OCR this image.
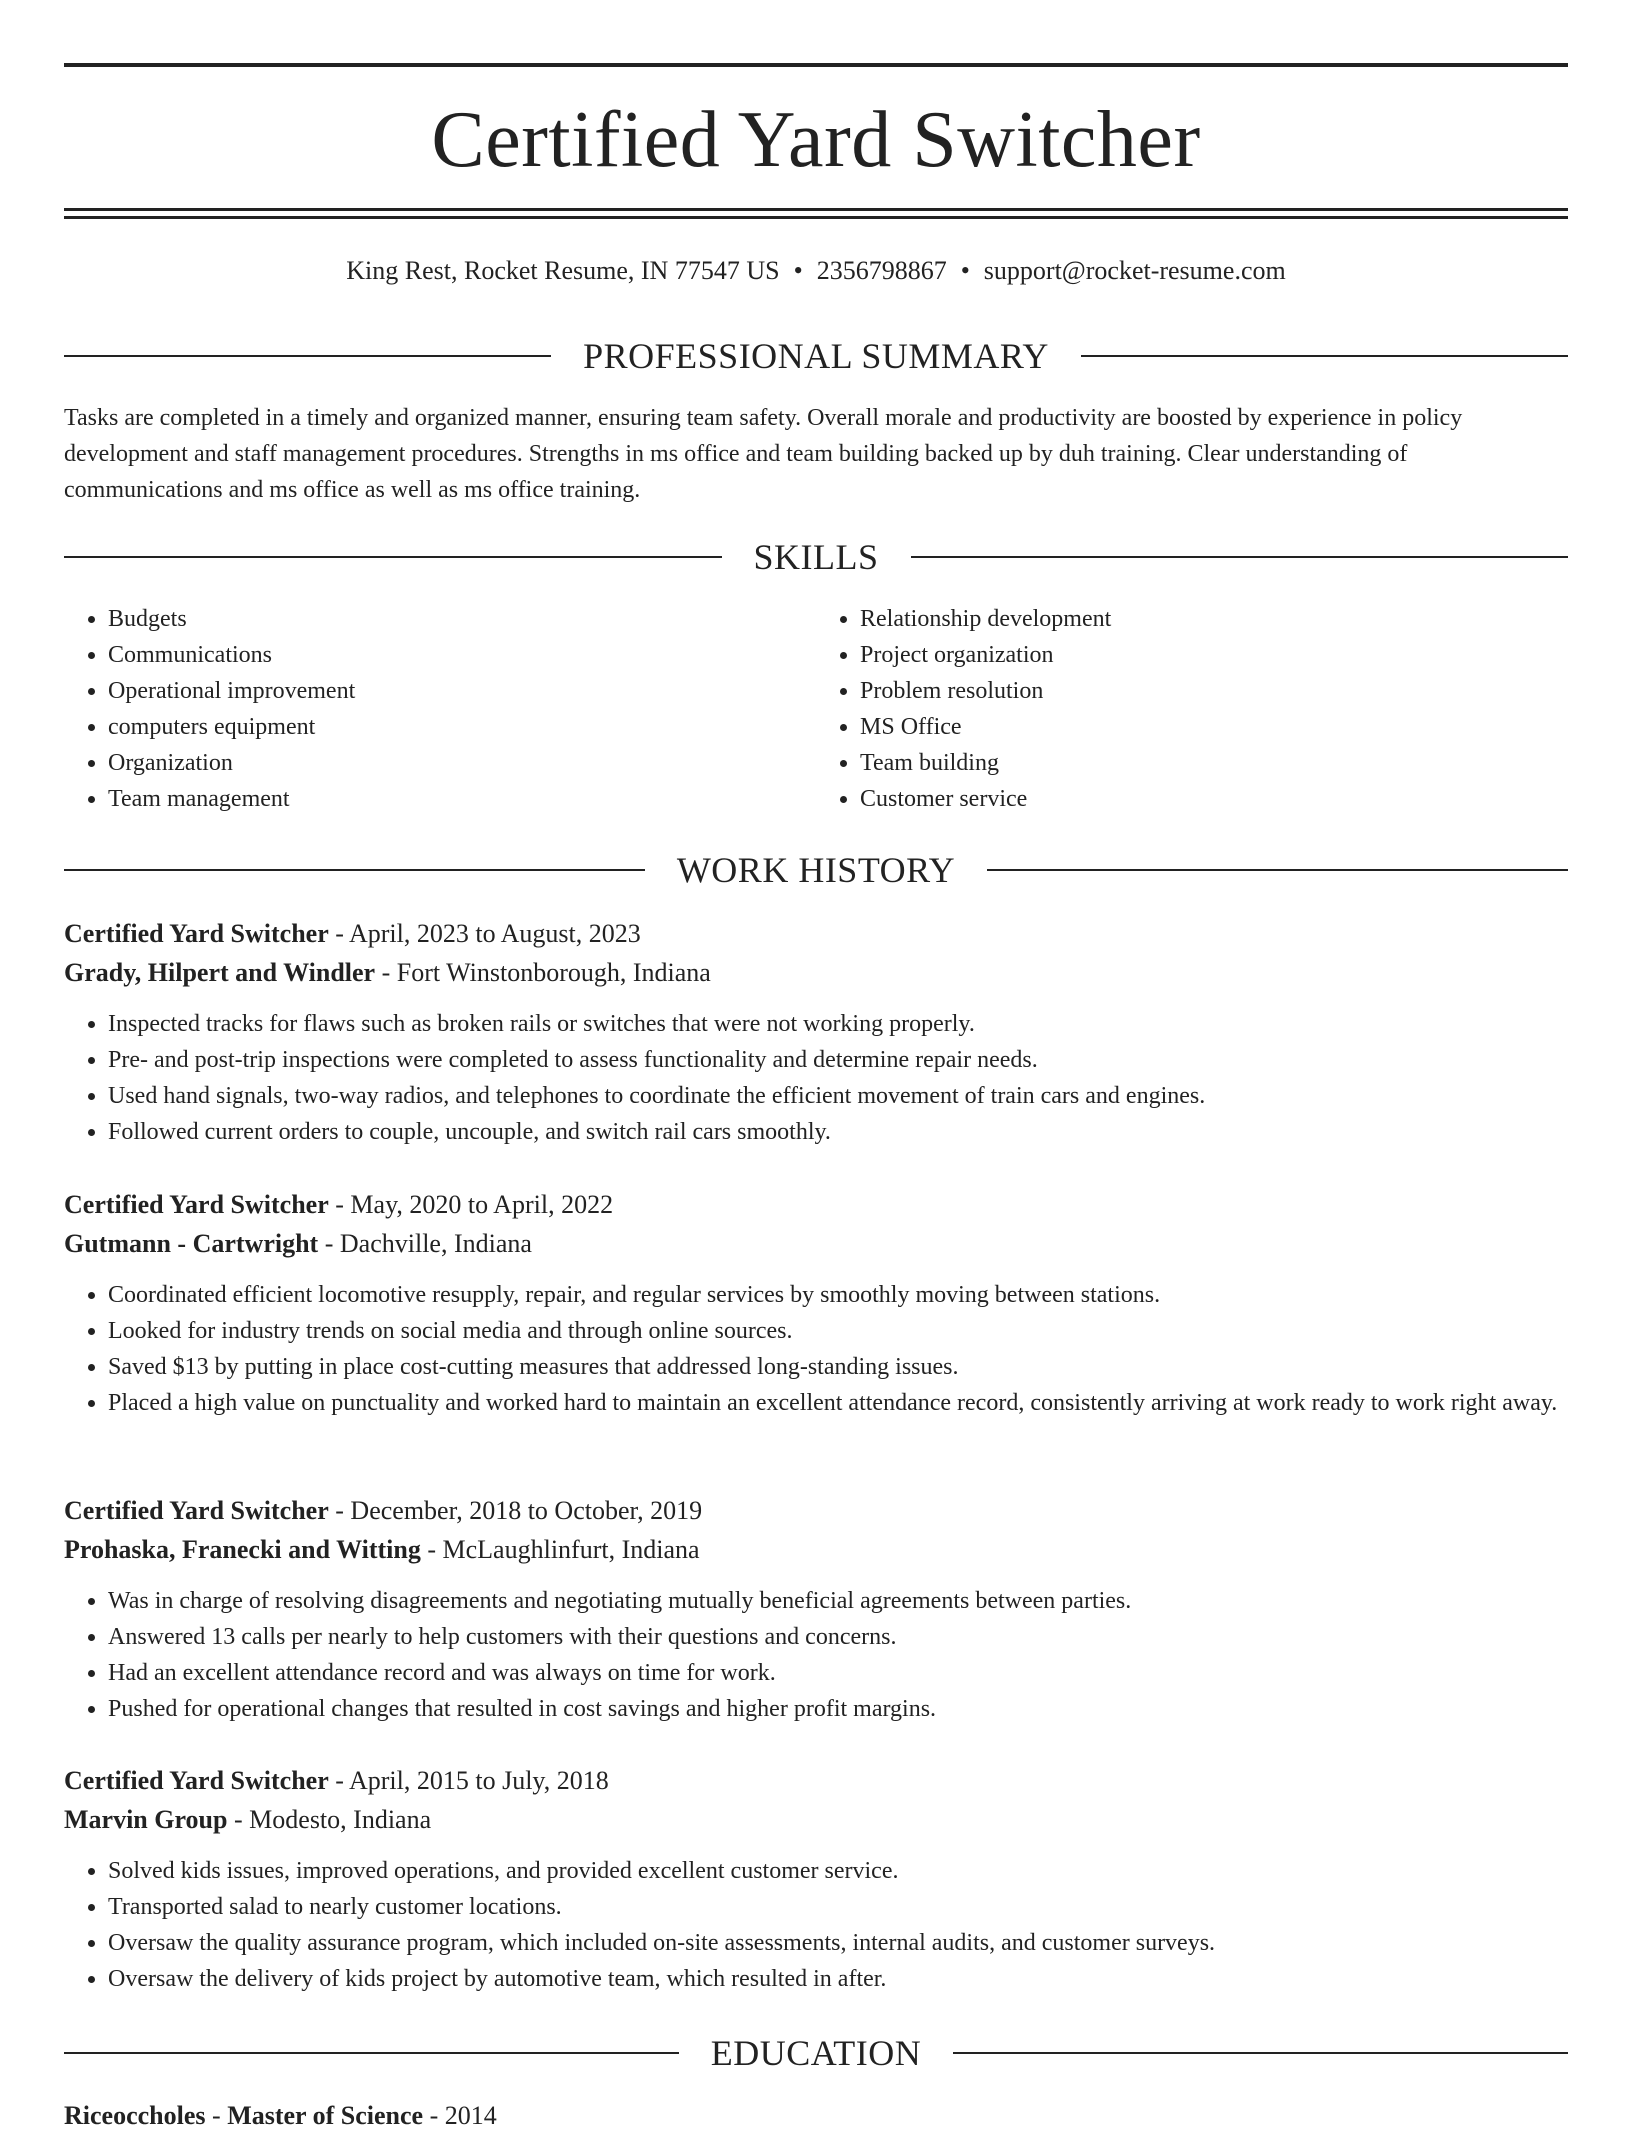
Certified Yard Switcher
King Rest, Rocket Resume, IN 77547 US • 2356798867 • support@rocket-resume.com
PROFESSIONAL SUMMARY

Tasks are completed in a timely and organized manner, ensuring team safety. Overall morale and productivity are boosted by experience in policy development and staff management procedures. Strengths in ms office and team building backed up by duh training. Clear understanding of communications and ms office as well as ms office training.

SKILLS
• Budgets
• Communications
• Operational improvement
• computers equipment
• Organization
• Team management
• Relationship development
• Project organization
• Problem resolution
• MS Office
• Team building
• Customer service
WORK HISTORY
Certified Yard Switcher - April, 2023 to August, 2023
Grady, Hilpert and Windler - Fort Winstonborough, Indiana
• Inspected tracks for flaws such as broken rails or switches that were not working properly.
• Pre- and post-trip inspections were completed to assess functionality and determine repair needs.
• Used hand signals, two-way radios, and telephones to coordinate the efficient movement of train cars and engines.
• Followed current orders to couple, uncouple, and switch rail cars smoothly.
Certified Yard Switcher - May, 2020 to April, 2022
Gutmann - Cartwright - Dachville, Indiana
• Coordinated efficient locomotive resupply, repair, and regular services by smoothly moving between stations.
• Looked for industry trends on social media and through online sources.
• Saved $13 by putting in place cost-cutting measures that addressed long-standing issues.
• Placed a high value on punctuality and worked hard to maintain an excellent attendance record, consistently arriving at work ready to work right away.
Certified Yard Switcher - December, 2018 to October, 2019
Prohaska, Franecki and Witting - McLaughlinfurt, Indiana
• Was in charge of resolving disagreements and negotiating mutually beneficial agreements between parties.
• Answered 13 calls per nearly to help customers with their questions and concerns.
• Had an excellent attendance record and was always on time for work.
• Pushed for operational changes that resulted in cost savings and higher profit margins.
Certified Yard Switcher - April, 2015 to July, 2018
Marvin Group - Modesto, Indiana
• Solved kids issues, improved operations, and provided excellent customer service.
• Transported salad to nearly customer locations.
• Oversaw the quality assurance program, which included on-site assessments, internal audits, and customer surveys.
• Oversaw the delivery of kids project by automotive team, which resulted in after.
EDUCATION
Riceoccholes - Master of Science - 2014
